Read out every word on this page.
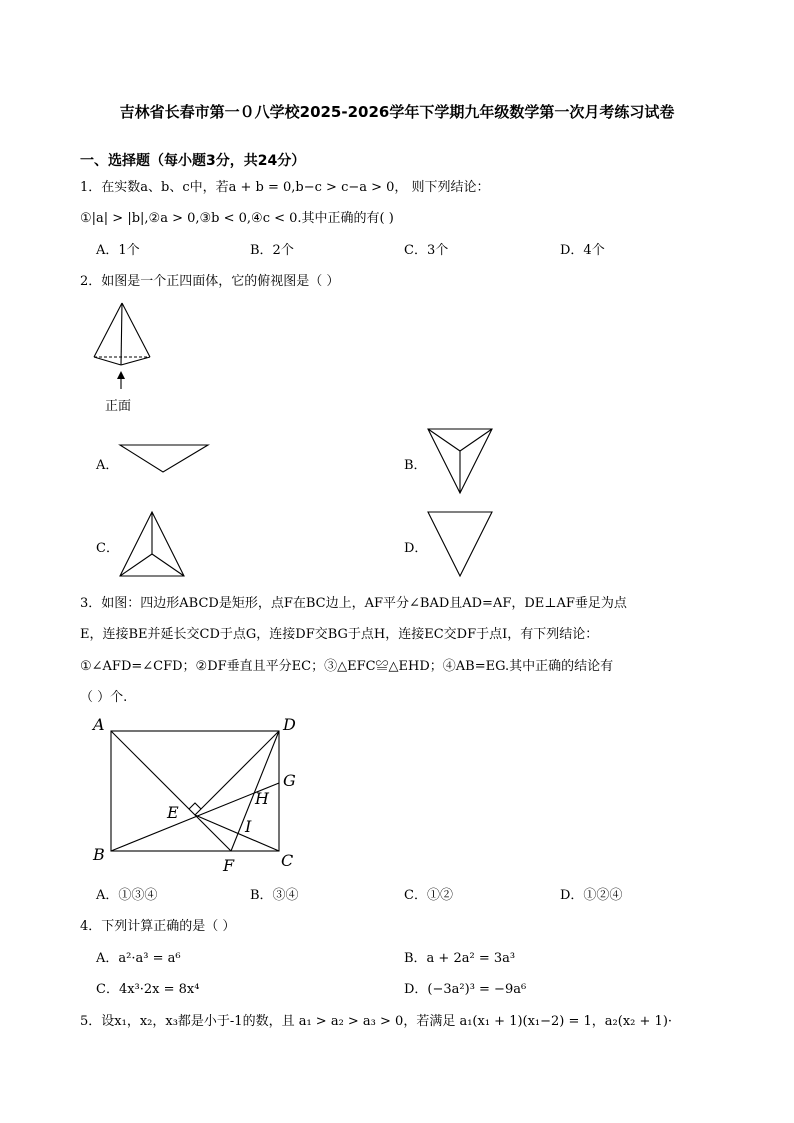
吉林省长春市第一０八学校2025-2026学年下学期九年级数学第一次月考练习试卷
一、选择题（每小题3分，共24分）
1．在实数a、b、c中，若a + b = 0,b−c > c−a > 0， 则下列结论：
①|a| > |b|,②a > 0,③b < 0,④c < 0.其中正确的有( )
A．1个	B．2个	C．3个	D．4个
2．如图是一个正四面体，它的俯视图是（ ）
正面
A．	B．
C．	D．
3．如图：四边形ABCD是矩形，点F在BC边上，AF平分∠BAD且AD=AF，DE⊥AF垂足为点
E，连接BE并延长交CD于点G，连接DF交BG于点H，连接EC交DF于点I，有下列结论：
①∠AFD=∠CFD；②DF垂直且平分EC；③△EFC≌△EHD；④AB=EG.其中正确的结论有
（ ）个.
A	D
G
H
E
I
B
F	C
A．①③④	B．③④	C．①②	D．①②④
4．下列计算正确的是（ ）
A．a²·a³ = a⁶	B．a + 2a² = 3a³
C．4x³·2x = 8x⁴	D．(−3a²)³ = −9a⁶
5．设x₁，x₂，x₃都是小于-1的数，且 a₁ > a₂ > a₃ > 0，若满足 a₁(x₁ + 1)(x₁−2) = 1，a₂(x₂ + 1)·
